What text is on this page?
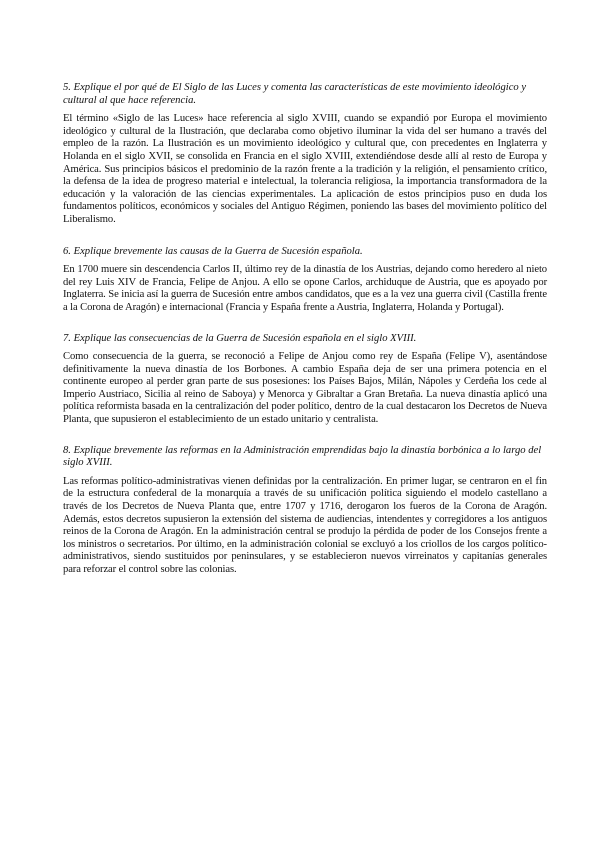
5. Explique el por qué de El Siglo de las Luces y comenta las características de este movimiento ideológico y cultural al que hace referencia.

El término «Siglo de las Luces» hace referencia al siglo XVIII, cuando se expandió por Europa el movimiento ideológico y cultural de la Ilustración, que declaraba como objetivo iluminar la vida del ser humano a través del empleo de la razón. La Ilustración es un movimiento ideológico y cultural que, con precedentes en Inglaterra y Holanda en el siglo XVII, se consolida en Francia en el siglo XVIII, extendiéndose desde allí al resto de Europa y América. Sus principios básicos el predominio de la razón frente a la tradición y la religión, el pensamiento crítico, la defensa de la idea de progreso material e intelectual, la tolerancia religiosa, la importancia transformadora de la educación y la valoración de las ciencias experimentales. La aplicación de estos principios puso en duda los fundamentos políticos, económicos y sociales del Antiguo Régimen, poniendo las bases del movimiento político del Liberalismo.

6. Explique brevemente las causas de la Guerra de Sucesión española.

En 1700 muere sin descendencia Carlos II, último rey de la dinastía de los Austrias, dejando como heredero al nieto del rey Luis XIV de Francia, Felipe de Anjou. A ello se opone Carlos, archiduque de Austria, que es apoyado por Inglaterra. Se inicia así la guerra de Sucesión entre ambos candidatos, que es a la vez una guerra civil (Castilla frente a la Corona de Aragón) e internacional (Francia y España frente a Austria, Inglaterra, Holanda y Portugal).

7. Explique las consecuencias de la Guerra de Sucesión española en el siglo XVIII.

Como consecuencia de la guerra, se reconoció a Felipe de Anjou como rey de España (Felipe V), asentándose definitivamente la nueva dinastía de los Borbones. A cambio España deja de ser una primera potencia en el continente europeo al perder gran parte de sus posesiones: los Países Bajos, Milán, Nápoles y Cerdeña los cede al Imperio Austriaco, Sicilia al reino de Saboya) y Menorca y Gibraltar a Gran Bretaña. La nueva dinastía aplicó una política reformista basada en la centralización del poder político, dentro de la cual destacaron los Decretos de Nueva Planta, que supusieron el establecimiento de un estado unitario y centralista.

8. Explique brevemente las reformas en la Administración emprendidas bajo la dinastía borbónica a lo largo del siglo XVIII.

Las reformas político-administrativas vienen definidas por la centralización. En primer lugar, se centraron en el fin de la estructura confederal de la monarquía a través de su unificación política siguiendo el modelo castellano a través de los Decretos de Nueva Planta que, entre 1707 y 1716, derogaron los fueros de la Corona de Aragón. Además, estos decretos supusieron la extensión del sistema de audiencias, intendentes y corregidores a los antiguos reinos de la Corona de Aragón. En la administración central se produjo la pérdida de poder de los Consejos frente a los ministros o secretarios. Por último, en la administración colonial se excluyó a los criollos de los cargos político-administrativos, siendo sustituidos por peninsulares, y se establecieron nuevos virreinatos y capitanías generales para reforzar el control sobre las colonias.
